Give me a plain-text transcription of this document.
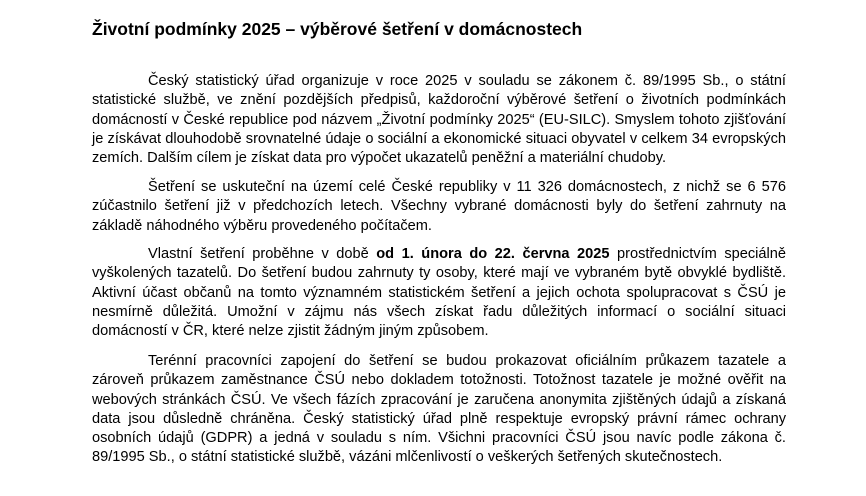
Životní podmínky 2025 – výběrové šetření v domácnostech

Český statistický úřad organizuje v roce 2025 v souladu se zákonem č. 89/1995 Sb., o státní statistické službě, ve znění pozdějších předpisů, každoroční výběrové šetření o životních podmínkách domácností v České republice pod názvem „Životní podmínky 2025“ (EU-SILC). Smyslem tohoto zjišťování je získávat dlouhodobě srovnatelné údaje o sociální a ekonomické situaci obyvatel v celkem 34 evropských zemích. Dalším cílem je získat data pro výpočet ukazatelů peněžní a materiální chudoby.

Šetření se uskuteční na území celé České republiky v 11 326 domácnostech, z nichž se 6 576 zúčastnilo šetření již v předchozích letech. Všechny vybrané domácnosti byly do šetření zahrnuty na základě náhodného výběru provedeného počítačem.

Vlastní šetření proběhne v době od 1. února do 22. června 2025 prostřednictvím speciálně vyškolených tazatelů. Do šetření budou zahrnuty ty osoby, které mají ve vybraném bytě obvyklé bydliště. Aktivní účast občanů na tomto významném statistickém šetření a jejich ochota spolupracovat s ČSÚ je nesmírně důležitá. Umožní v zájmu nás všech získat řadu důležitých informací o sociální situaci domácností v ČR, které nelze zjistit žádným jiným způsobem.

Terénní pracovníci zapojení do šetření se budou prokazovat oficiálním průkazem tazatele a zároveň průkazem zaměstnance ČSÚ nebo dokladem totožnosti. Totožnost tazatele je možné ověřit na webových stránkách ČSÚ. Ve všech fázích zpracování je zaručena anonymita zjištěných údajů a získaná data jsou důsledně chráněna. Český statistický úřad plně respektuje evropský právní rámec ochrany osobních údajů (GDPR) a jedná v souladu s ním. Všichni pracovníci ČSÚ jsou navíc podle zákona č. 89/1995 Sb., o státní statistické službě, vázáni mlčenlivostí o veškerých šetřených skutečnostech.
